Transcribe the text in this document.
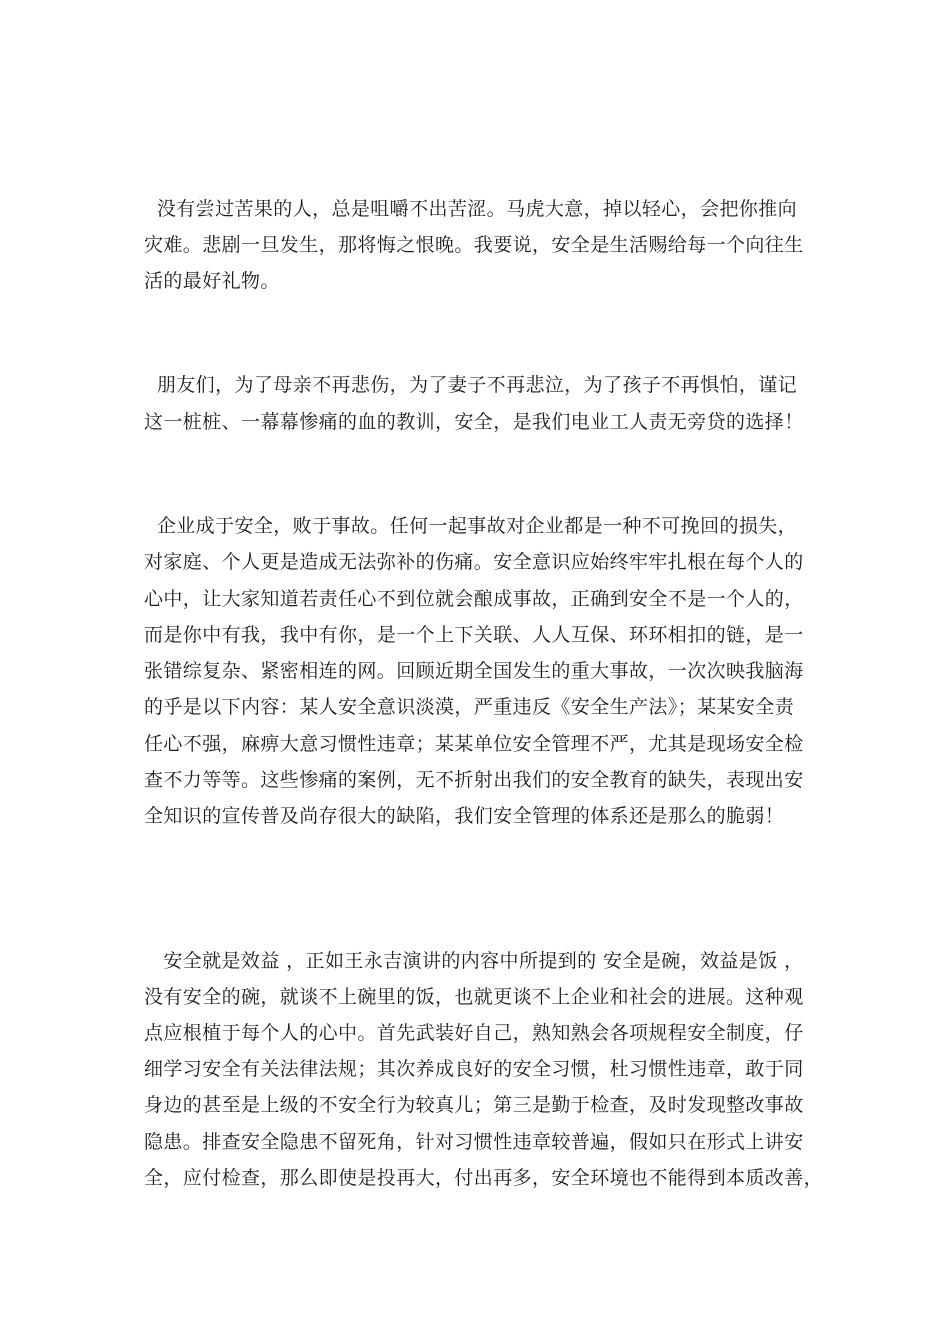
没有尝过苦果的人，总是咀嚼不出苦涩。马虎大意，掉以轻心，会把你推向
灾难。悲剧一旦发生，那将悔之恨晚。我要说，安全是生活赐给每一个向往生
活的最好礼物。
朋友们，为了母亲不再悲伤，为了妻子不再悲泣，为了孩子不再惧怕，谨记
这一桩桩、一幕幕惨痛的血的教训，安全，是我们电业工人责无旁贷的选择！
企业成于安全，败于事故。任何一起事故对企业都是一种不可挽回的损失，
对家庭、个人更是造成无法弥补的伤痛。安全意识应始终牢牢扎根在每个人的
心中，让大家知道若责任心不到位就会酿成事故，正确到安全不是一个人的，
而是你中有我，我中有你，是一个上下关联、人人互保、环环相扣的链，是一
张错综复杂、紧密相连的网。回顾近期全国发生的重大事故，一次次映我脑海
的乎是以下内容：某人安全意识淡漠，严重违反《安全生产法》；某某安全责
任心不强，麻痹大意习惯性违章；某某单位安全管理不严，尤其是现场安全检
查不力等等。这些惨痛的案例，无不折射出我们的安全教育的缺失，表现出安
全知识的宣传普及尚存很大的缺陷，我们安全管理的体系还是那么的脆弱！
安全就是效益 ，正如王永吉演讲的内容中所提到的 安全是碗，效益是饭 ，
没有安全的碗，就谈不上碗里的饭，也就更谈不上企业和社会的进展。这种观
点应根植于每个人的心中。首先武装好自己，熟知熟会各项规程安全制度，仔
细学习安全有关法律法规；其次养成良好的安全习惯，杜习惯性违章，敢于同
身边的甚至是上级的不安全行为较真儿；第三是勤于检查，及时发现整改事故
隐患。排查安全隐患不留死角，针对习惯性违章较普遍，假如只在形式上讲安
全，应付检查，那么即使是投再大，付出再多，安全环境也不能得到本质改善，
